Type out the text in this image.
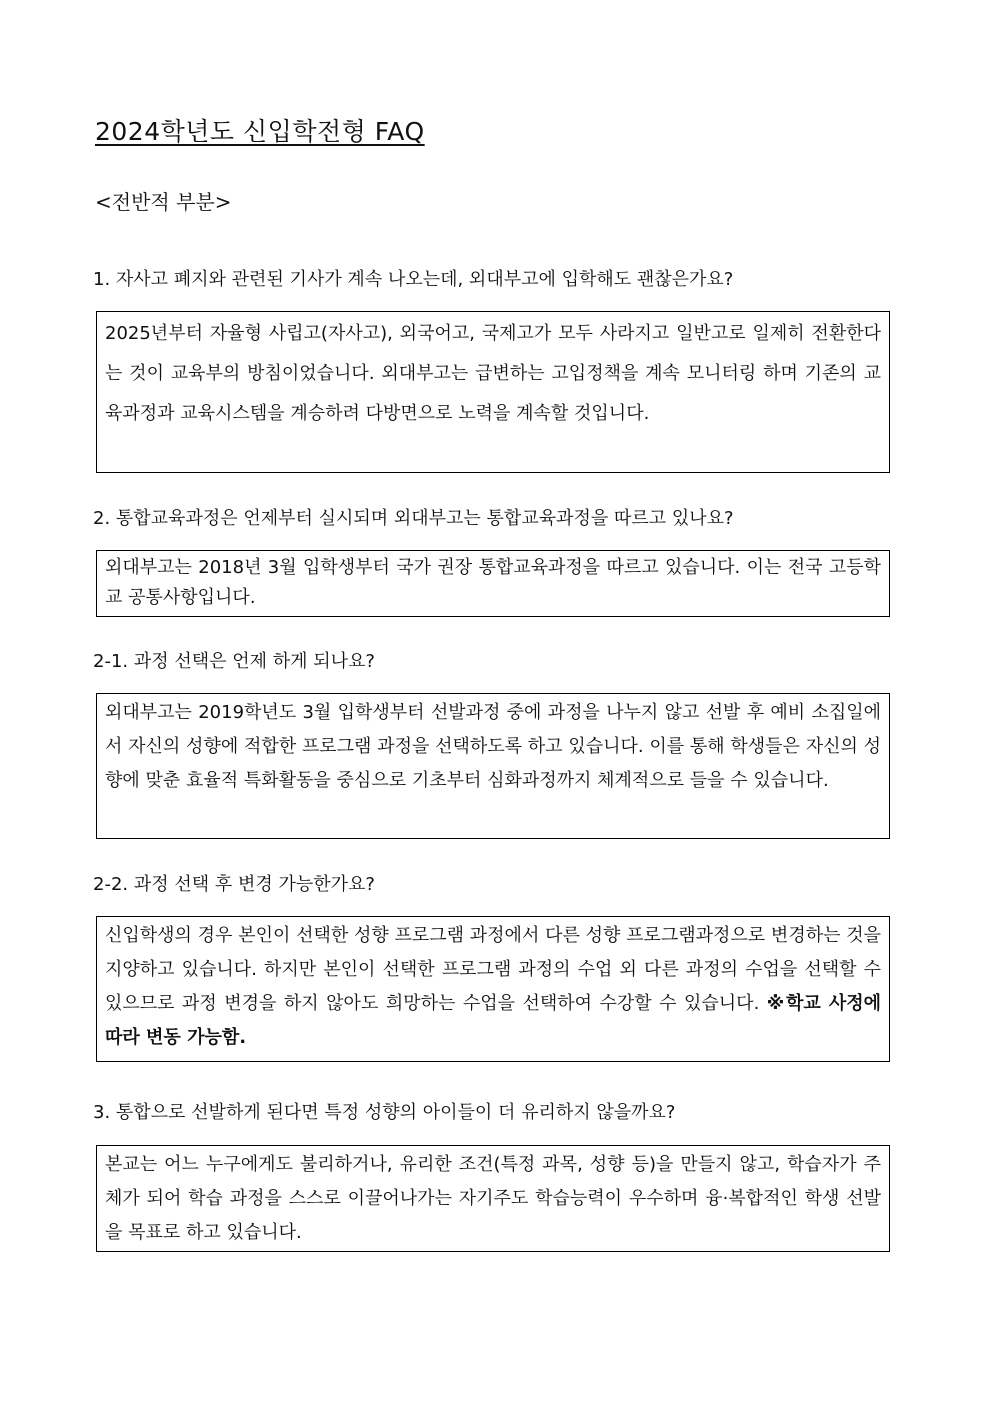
2024학년도 신입학전형 FAQ
<전반적 부분>
1. 자사고 폐지와 관련된 기사가 계속 나오는데, 외대부고에 입학해도 괜찮은가요?
2025년부터 자율형 사립고(자사고), 외국어고, 국제고가 모두 사라지고 일반고로 일제히 전환한다는 것이 교육부의 방침이었습니다. 외대부고는 급변하는 고입정책을 계속 모니터링 하며 기존의 교육과정과 교육시스템을 계승하려 다방면으로 노력을 계속할 것입니다.
2. 통합교육과정은 언제부터 실시되며 외대부고는 통합교육과정을 따르고 있나요?
외대부고는 2018년 3월 입학생부터 국가 권장 통합교육과정을 따르고 있습니다. 이는 전국 고등학교 공통사항입니다.
2-1. 과정 선택은 언제 하게 되나요?
외대부고는 2019학년도 3월 입학생부터 선발과정 중에 과정을 나누지 않고 선발 후 예비 소집일에서 자신의 성향에 적합한 프로그램 과정을 선택하도록 하고 있습니다. 이를 통해 학생들은 자신의 성향에 맞춘 효율적 특화활동을 중심으로 기초부터 심화과정까지 체계적으로 들을 수 있습니다.
2-2. 과정 선택 후 변경 가능한가요?
신입학생의 경우 본인이 선택한 성향 프로그램 과정에서 다른 성향 프로그램과정으로 변경하는 것을 지양하고 있습니다. 하지만 본인이 선택한 프로그램 과정의 수업 외 다른 과정의 수업을 선택할 수 있으므로 과정 변경을 하지 않아도 희망하는 수업을 선택하여 수강할 수 있습니다. ※학교 사정에 따라 변동 가능함.
3. 통합으로 선발하게 된다면 특정 성향의 아이들이 더 유리하지 않을까요?
본교는 어느 누구에게도 불리하거나, 유리한 조건(특정 과목, 성향 등)을 만들지 않고, 학습자가 주체가 되어 학습 과정을 스스로 이끌어나가는 자기주도 학습능력이 우수하며 융·복합적인 학생 선발을 목표로 하고 있습니다.
